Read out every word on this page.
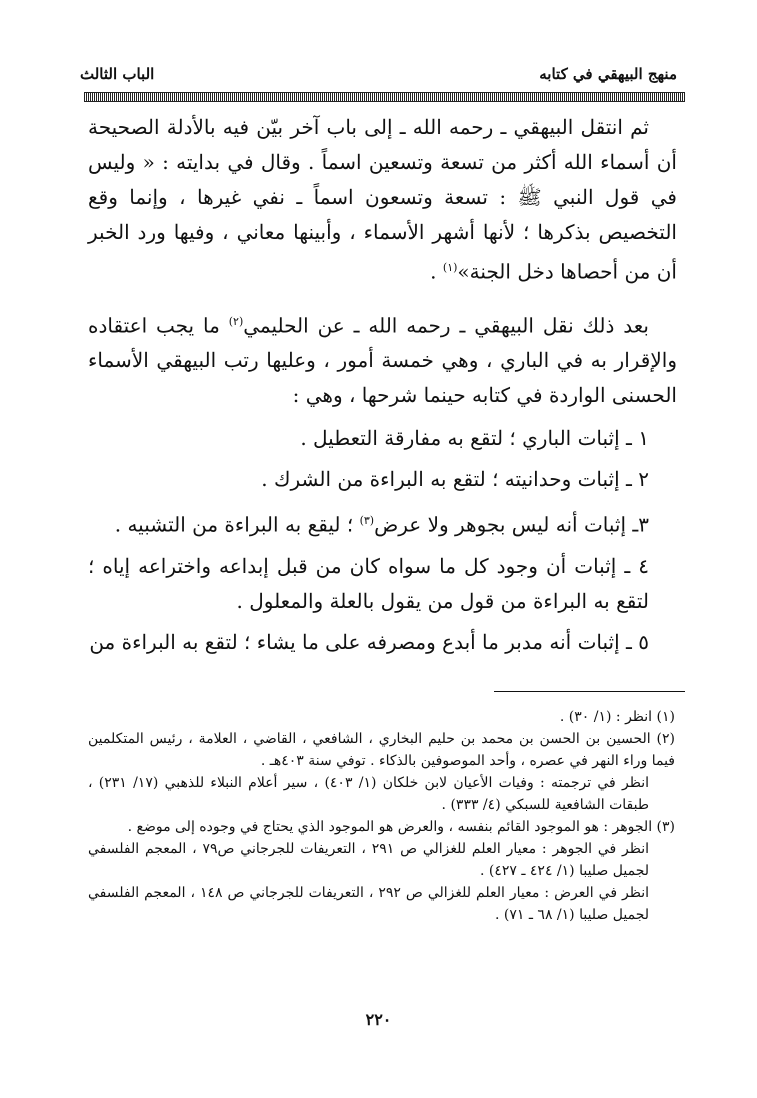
منهج البيهقي في كتابه
الباب الثالث

ثم انتقل البيهقي ـ رحمه الله ـ إلى باب آخر بيّن فيه بالأدلة الصحيحة أن أسماء الله أكثر من تسعة وتسعين اسماً . وقال في بدايته : « وليس في قول النبي ﷺ : تسعة وتسعون اسماً ـ نفي غيرها ، وإنما وقع التخصيص بذكرها ؛ لأنها أشهر الأسماء ، وأبينها معاني ، وفيها ورد الخبر أن من أحصاها دخل الجنة»$^{(١)}$ .

بعد ذلك نقل البيهقي ـ رحمه الله ـ عن الحليمي$^{(٢)}$ ما يجب اعتقاده والإقرار به في الباري ، وهي خمسة أمور ، وعليها رتب البيهقي الأسماء الحسنى الواردة في كتابه حينما شرحها ، وهي :

١ ـ إثبات الباري ؛ لتقع به مفارقة التعطيل .
٢ ـ إثبات وحدانيته ؛ لتقع به البراءة من الشرك .
٣ـ إثبات أنه ليس بجوهر ولا عرض$^{(٣)}$ ؛ ليقع به البراءة من التشبيه .
٤ ـ إثبات أن وجود كل ما سواه كان من قبل إبداعه واختراعه إياه ؛ لتقع به البراءة من قول من يقول بالعلة والمعلول .
٥ ـ إثبات أنه مدبر ما أبدع ومصرفه على ما يشاء ؛ لتقع به البراءة من

(١) انظر : (١/ ٣٠) .

(٢) الحسين بن الحسن بن محمد بن حليم البخاري ، الشافعي ، القاضي ، العلامة ، رئيس المتكلمين فيما وراء النهر في عصره ، وأحد الموصوفين بالذكاء . توفي سنة ٤٠٣هـ .

انظر في ترجمته : وفيات الأعيان لابن خلكان (١/ ٤٠٣) ، سير أعلام النبلاء للذهبي (١٧/ ٢٣١) ، طبقات الشافعية للسبكي (٤/ ٣٣٣) .

(٣) الجوهر : هو الموجود القائم بنفسه ، والعرض هو الموجود الذي يحتاج في وجوده إلى موضع .

انظر في الجوهر : معيار العلم للغزالي ص ٢٩١ ، التعريفات للجرجاني ص٧٩ ، المعجم الفلسفي لجميل صليبا (١/ ٤٢٤ ـ ٤٢٧) .

انظر في العرض : معيار العلم للغزالي ص ٢٩٢ ، التعريفات للجرجاني ص ١٤٨ ، المعجم الفلسفي لجميل صليبا (١/ ٦٨ ـ ٧١) .

٢٢٠
